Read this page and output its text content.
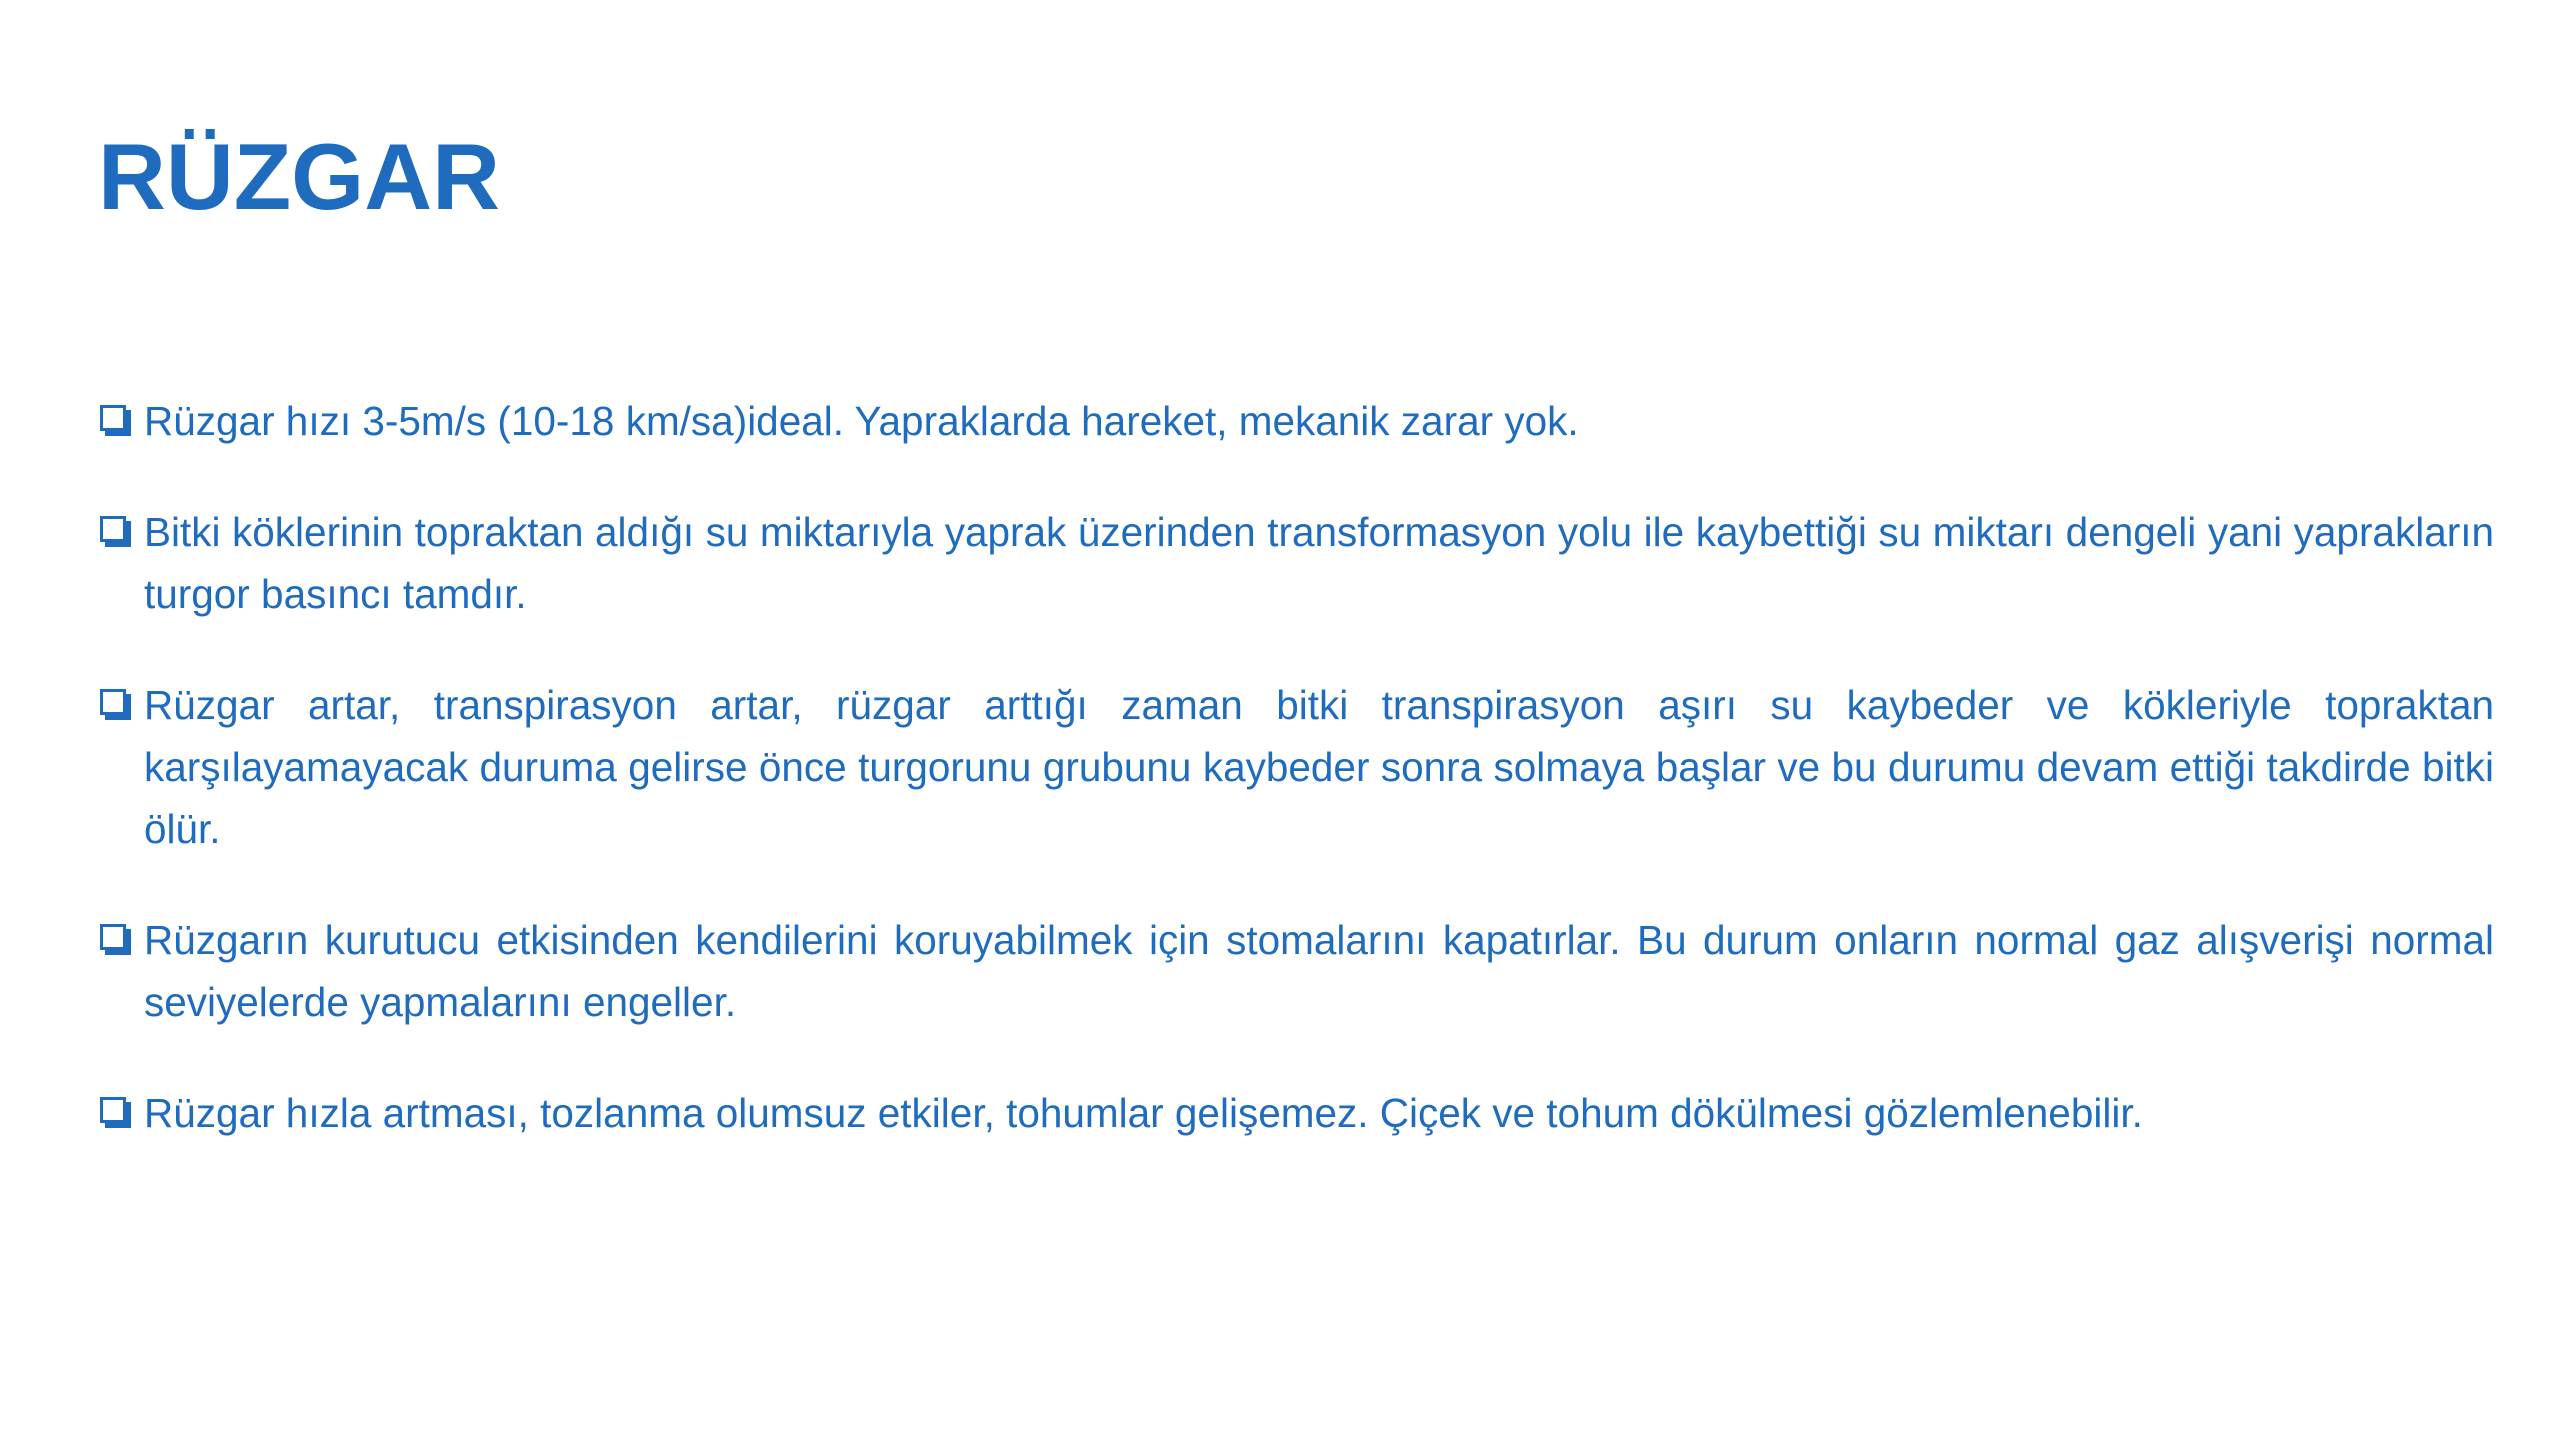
RÜZGAR
Rüzgar hızı 3-5m/s (10-18 km/sa)ideal. Yapraklarda hareket, mekanik zarar yok.
Bitki köklerinin topraktan aldığı su miktarıyla yaprak üzerinden transformasyon yolu ile kaybettiği su miktarı dengeli yani yaprakların turgor basıncı tamdır.
Rüzgar artar, transpirasyon artar, rüzgar arttığı zaman bitki transpirasyon aşırı su kaybeder ve kökleriyle topraktan karşılayamayacak duruma gelirse önce turgorunu grubunu kaybeder sonra solmaya başlar ve bu durumu devam ettiği takdirde bitki ölür.
Rüzgarın kurutucu etkisinden kendilerini koruyabilmek için stomalarını kapatırlar. Bu durum onların normal gaz alışverişi normal seviyelerde yapmalarını engeller.
Rüzgar hızla artması, tozlanma olumsuz etkiler, tohumlar gelişemez. Çiçek ve tohum dökülmesi gözlemlenebilir.
